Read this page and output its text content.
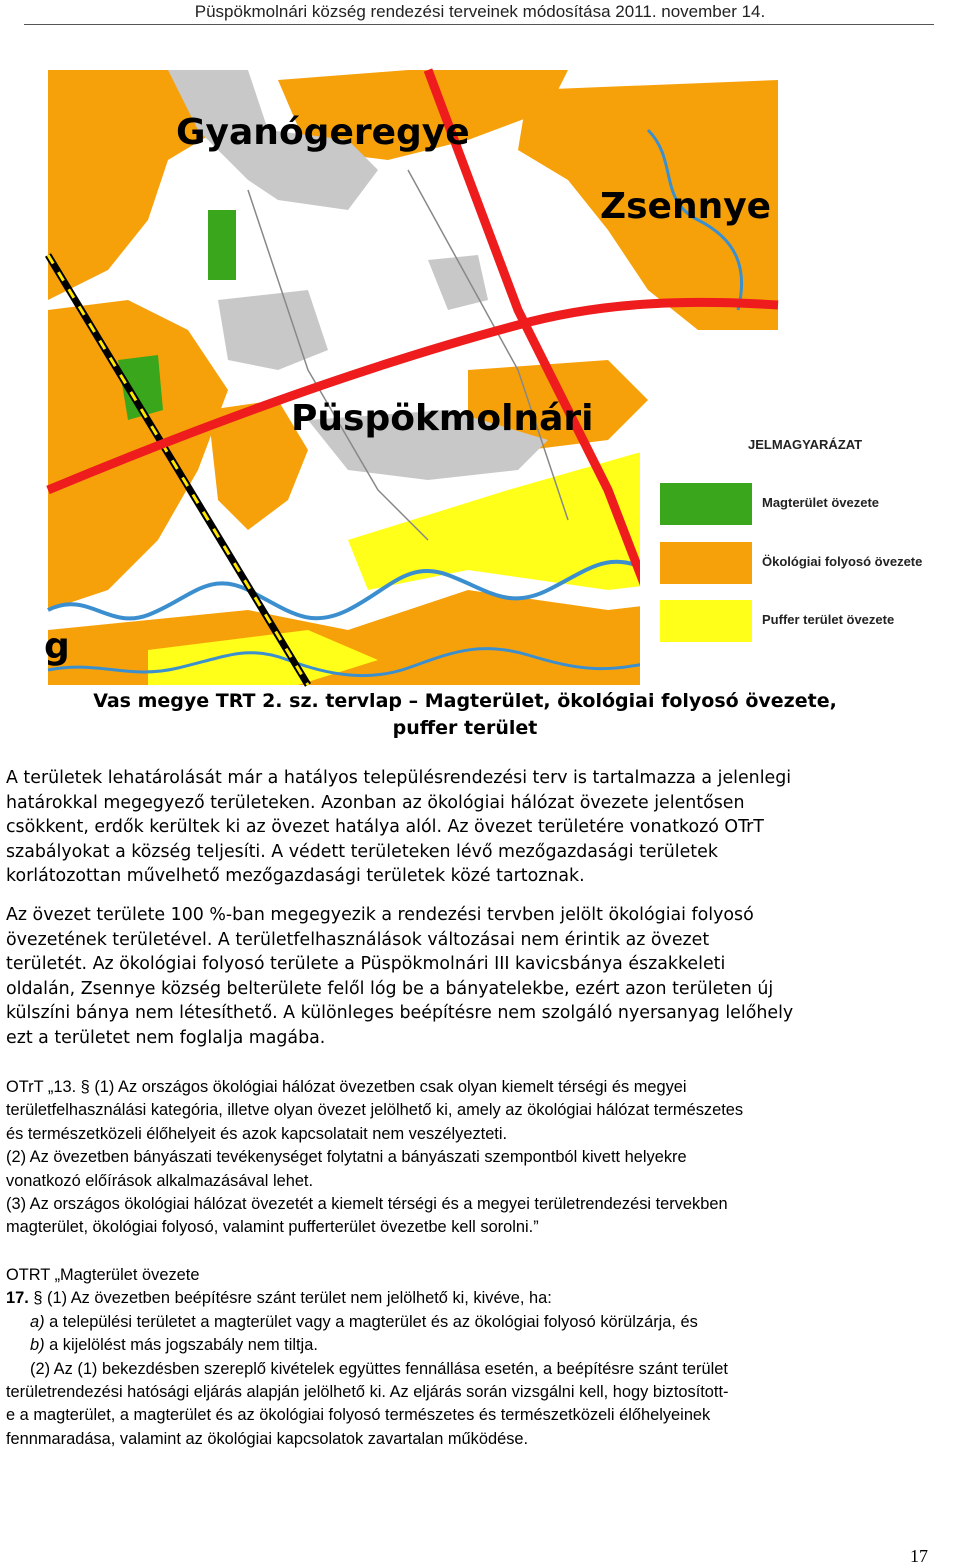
Püspökmolnári község rendezési terveinek módosítása 2011. november 14.
Gyanógeregye
Zsennye
Püspökmolnári
g
JELMAGYARÁZAT
Magterület övezete
Ökológiai folyosó övezete
Puffer terület övezete
Vas megye TRT 2. sz. tervlap – Magterület, ökológiai folyosó övezete,
puffer terület
A területek lehatárolását már a hatályos településrendezési terv is tartalmazza a jelenlegi
határokkal megegyező területeken. Azonban az ökológiai hálózat övezete jelentősen
csökkent, erdők kerültek ki az övezet hatálya alól. Az övezet területére vonatkozó OTrT
szabályokat a község teljesíti. A védett területeken lévő mezőgazdasági területek
korlátozottan művelhető mezőgazdasági területek közé tartoznak.
Az övezet területe 100 %-ban megegyezik a rendezési tervben jelölt ökológiai folyosó
övezetének területével. A területfelhasználások változásai nem érintik az övezet
területét. Az ökológiai folyosó területe a Püspökmolnári III kavicsbánya északkeleti
oldalán, Zsennye község belterülete felől lóg be a bányatelekbe, ezért azon területen új
külszíni bánya nem létesíthető. A különleges beépítésre nem szolgáló nyersanyag lelőhely
ezt a területet nem foglalja magába.
OTrT „13. § (1) Az országos ökológiai hálózat övezetben csak olyan kiemelt térségi és megyei
területfelhasználási kategória, illetve olyan övezet jelölhető ki, amely az ökológiai hálózat természetes
és természetközeli élőhelyeit és azok kapcsolatait nem veszélyezteti.
(2) Az övezetben bányászati tevékenységet folytatni a bányászati szempontból kivett helyekre
vonatkozó előírások alkalmazásával lehet.
(3) Az országos ökológiai hálózat övezetét a kiemelt térségi és a megyei területrendezési tervekben
magterület, ökológiai folyosó, valamint pufferterület övezetbe kell sorolni.”
OTRT „Magterület övezete
17. § (1) Az övezetben beépítésre szánt terület nem jelölhető ki, kivéve, ha:
a) a települési területet a magterület vagy a magterület és az ökológiai folyosó körülzárja, és
b) a kijelölést más jogszabály nem tiltja.
(2) Az (1) bekezdésben szereplő kivételek együttes fennállása esetén, a beépítésre szánt terület
területrendezési hatósági eljárás alapján jelölhető ki. Az eljárás során vizsgálni kell, hogy biztosított-
e a magterület, a magterület és az ökológiai folyosó természetes és természetközeli élőhelyeinek
fennmaradása, valamint az ökológiai kapcsolatok zavartalan működése.
17
